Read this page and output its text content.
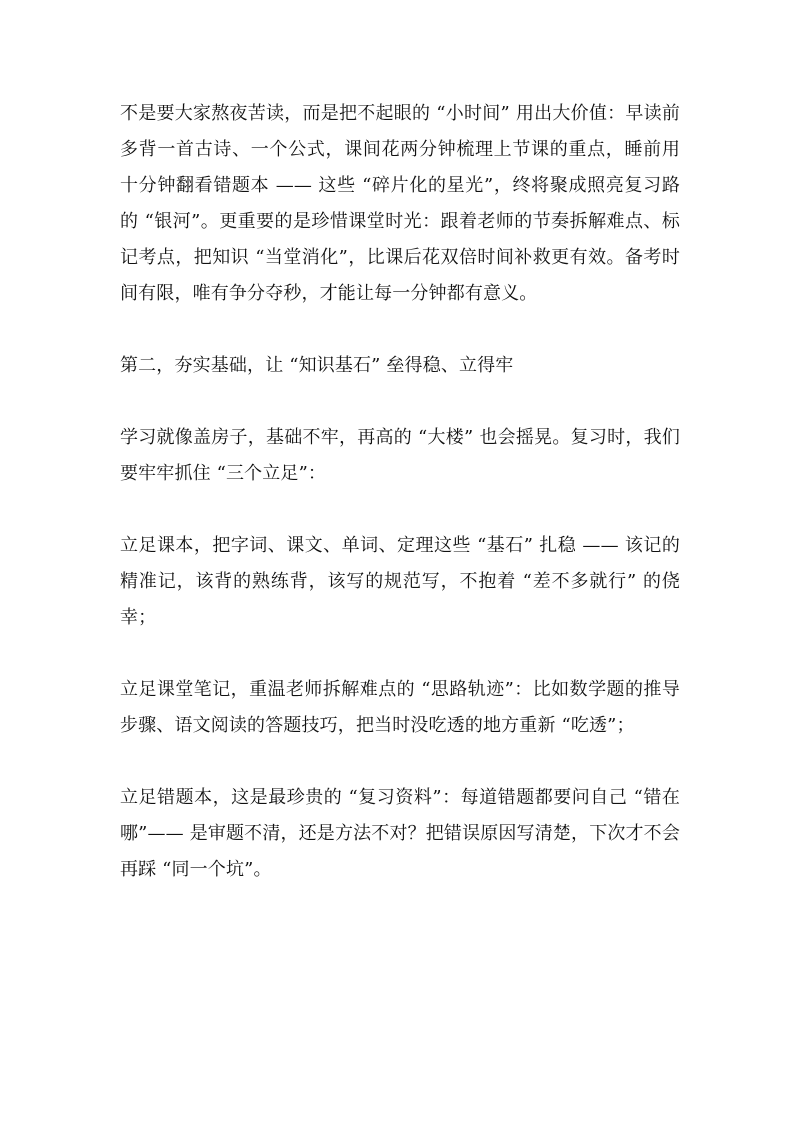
不是要大家熬夜苦读，而是把不起眼的 “小时间” 用出大价值：早读前多背一首古诗、一个公式，课间花两分钟梳理上节课的重点，睡前用十分钟翻看错题本 —— 这些 “碎片化的星光”，终将聚成照亮复习路的 “银河”。更重要的是珍惜课堂时光：跟着老师的节奏拆解难点、标记考点，把知识 “当堂消化”，比课后花双倍时间补救更有效。备考时间有限，唯有争分夺秒，才能让每一分钟都有意义。

第二，夯实基础，让 “知识基石” 垒得稳、立得牢

学习就像盖房子，基础不牢，再高的 “大楼” 也会摇晃。复习时，我们要牢牢抓住 “三个立足”：

立足课本，把字词、课文、单词、定理这些 “基石” 扎稳 —— 该记的精准记，该背的熟练背，该写的规范写，不抱着 “差不多就行” 的侥幸；

立足课堂笔记，重温老师拆解难点的 “思路轨迹”：比如数学题的推导步骤、语文阅读的答题技巧，把当时没吃透的地方重新 “吃透”；

立足错题本，这是最珍贵的 “复习资料”：每道错题都要问自己 “错在哪”—— 是审题不清，还是方法不对？把错误原因写清楚，下次才不会再踩 “同一个坑”。
